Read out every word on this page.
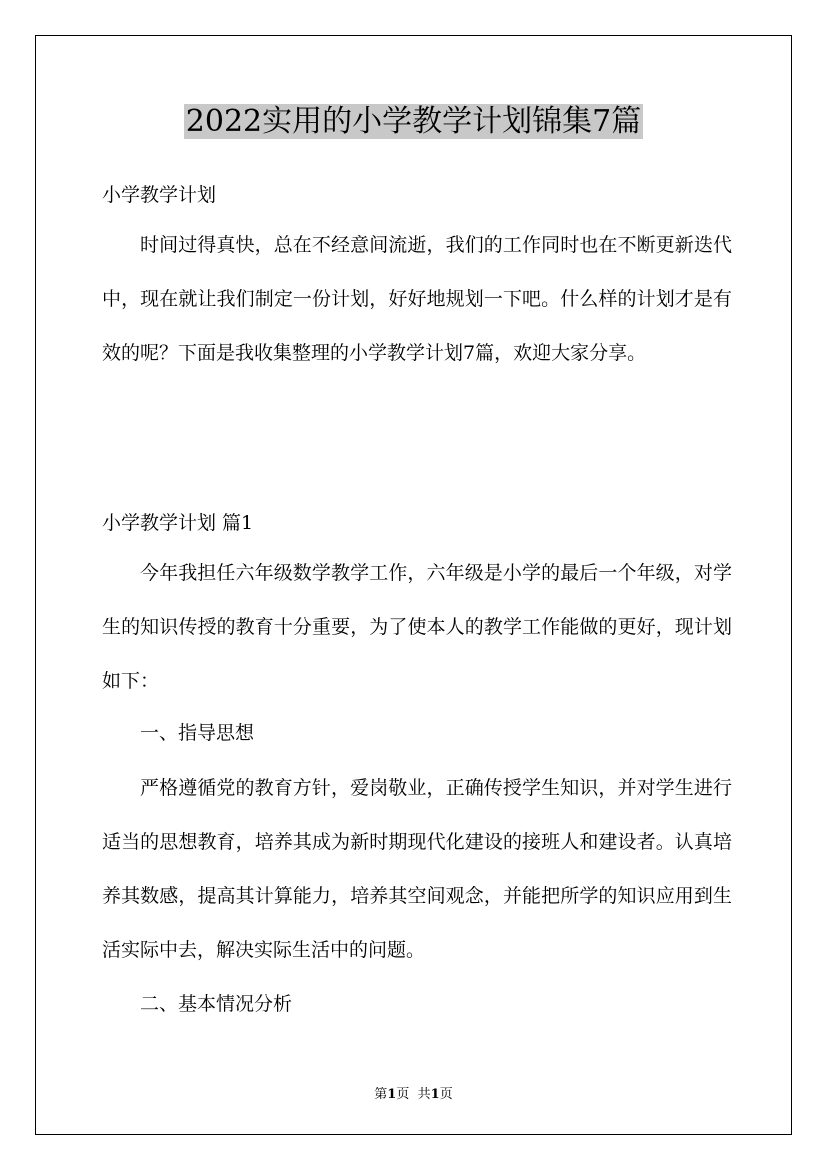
2022实用的小学教学计划锦集7篇
小学教学计划

时间过得真快，总在不经意间流逝，我们的工作同时也在不断更新迭代中，现在就让我们制定一份计划，好好地规划一下吧。什么样的计划才是有效的呢？下面是我收集整理的小学教学计划7篇，欢迎大家分享。

小学教学计划 篇1

今年我担任六年级数学教学工作，六年级是小学的最后一个年级，对学生的知识传授的教育十分重要，为了使本人的教学工作能做的更好，现计划如下：

一、指导思想

严格遵循党的教育方针，爱岗敬业，正确传授学生知识，并对学生进行适当的思想教育，培养其成为新时期现代化建设的接班人和建设者。认真培养其数感，提高其计算能力，培养其空间观念，并能把所学的知识应用到生活实际中去，解决实际生活中的问题。

二、基本情况分析

第1页 共1页
